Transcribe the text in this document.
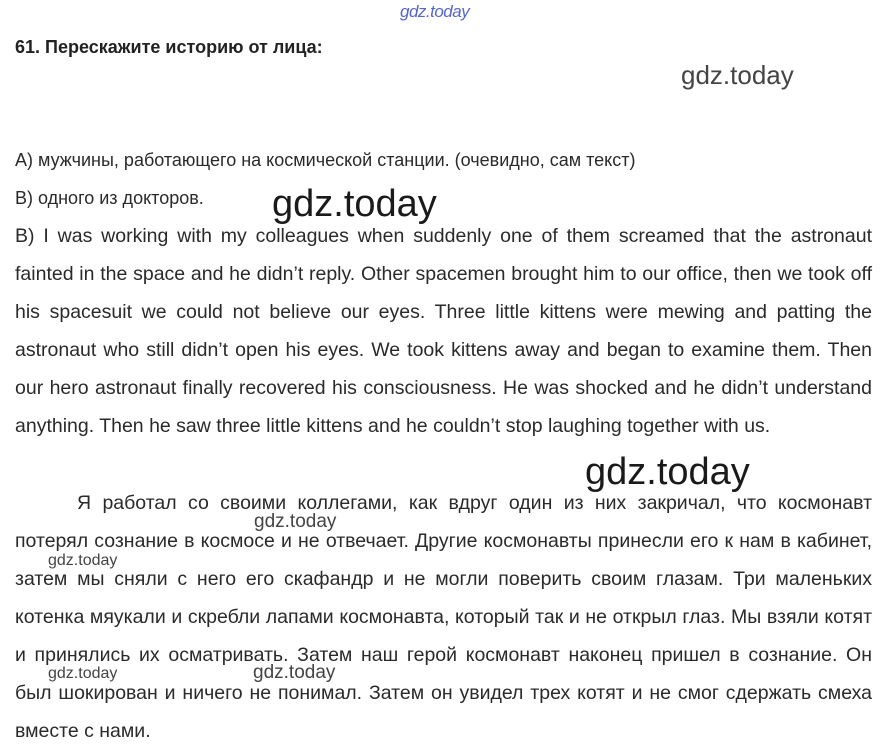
61. Перескажите историю от лица:
А) мужчины, работающего на космической станции. (очевидно, сам текст)
В) одного из докторов.

В) I was working with my colleagues when suddenly one of them screamed that the astronaut fainted in the space and he didn’t reply. Other spacemen brought him to our office, then we took off his spacesuit we could not believe our eyes. Three little kittens were mewing and patting the astronaut who still didn’t open his eyes. We took kittens away and began to examine them. Then our hero astronaut finally recovered his consciousness. He was shocked and he didn’t understand anything. Then he saw three little kittens and he couldn’t stop laughing together with us.

Я работал со своими коллегами, как вдруг один из них закричал, что космонавт потерял сознание в космосе и не отвечает. Другие космонавты принесли его к нам в кабинет, затем мы сняли с него его скафандр и не могли поверить своим глазам. Три маленьких котенка мяукали и скребли лапами космонавта, который так и не открыл глаз. Мы взяли котят и принялись их осматривать. Затем наш герой космонавт наконец пришел в сознание. Он был шокирован и ничего не понимал. Затем он увидел трех котят и не смог сдержать смеха вместе с нами.

gdz.today
gdz.today
gdz.today
gdz.today
gdz.today
gdz.today
gdz.today
gdz.today
